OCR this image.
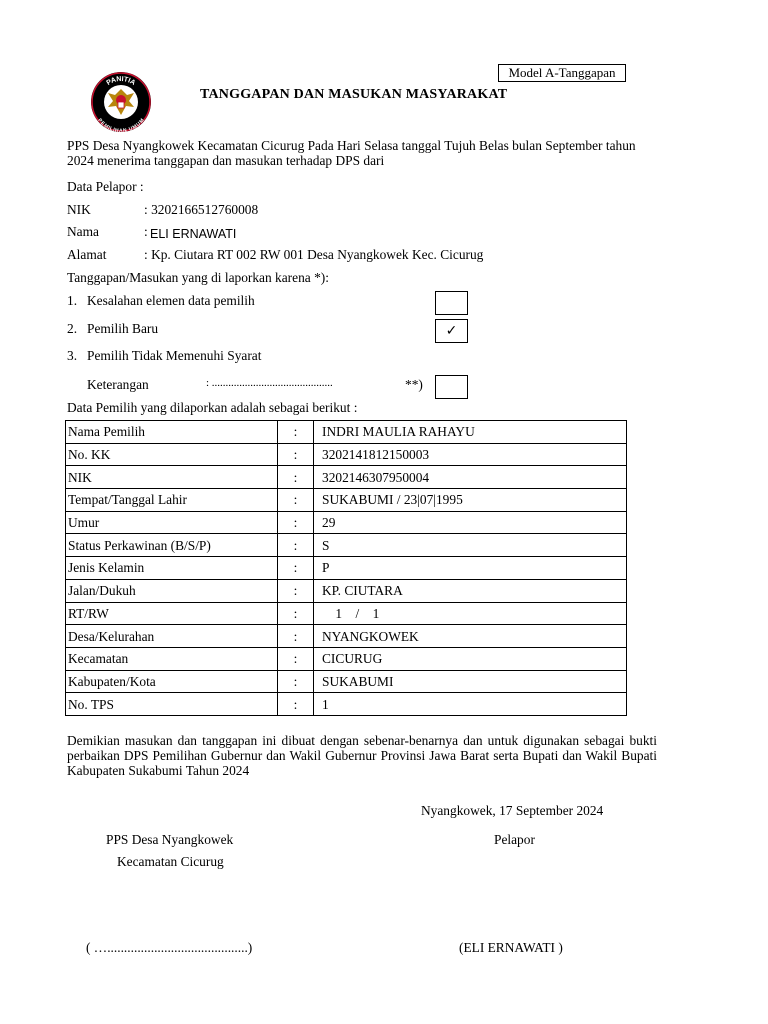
Model A-Tanggapan
PANITIA
PEMILIHAN UMUM
TANGGAPAN DAN MASUKAN MASYARAKAT
PPS Desa Nyangkowek Kecamatan Cicurug Pada Hari Selasa tanggal Tujuh Belas bulan September tahun 2024 menerima tanggapan dan masukan terhadap DPS dari
Data Pelapor :
NIK	: 3202166512760008
Nama	: ELI ERNAWATI
Alamat	: Kp. Ciutara RT 002 RW 001 Desa Nyangkowek Kec. Cicurug
Tanggapan/Masukan yang di laporkan karena *):
1. Kesalahan elemen data pemilih
2. Pemilih Baru	✓
3. Pemilih Tidak Memenuhi Syarat
Keterangan	: ............................................	**)
Data Pemilih yang dilaporkan adalah sebagai berikut :
Nama Pemilih	:	INDRI MAULIA RAHAYU
No. KK	:	3202141812150003
NIK	:	3202146307950004
Tempat/Tanggal Lahir	:	SUKABUMI / 23|07|1995
Umur	:	29
Status Perkawinan (B/S/P)	:	S
Jenis Kelamin	:	P
Jalan/Dukuh	:	KP. CIUTARA
RT/RW	:	1    /    1
Desa/Kelurahan	:	NYANGKOWEK
Kecamatan	:	CICURUG
Kabupaten/Kota	:	SUKABUMI
No. TPS	:	1
Demikian masukan dan tanggapan ini dibuat dengan sebenar-benarnya dan untuk digunakan sebagai bukti perbaikan DPS Pemilihan Gubernur dan Wakil Gubernur Provinsi Jawa Barat serta Bupati dan Wakil Bupati Kabupaten Sukabumi Tahun 2024
Nyangkowek, 17 September 2024
PPS Desa Nyangkowek
Kecamatan Cicurug
Pelapor
( …..........................................)	(ELI ERNAWATI )
